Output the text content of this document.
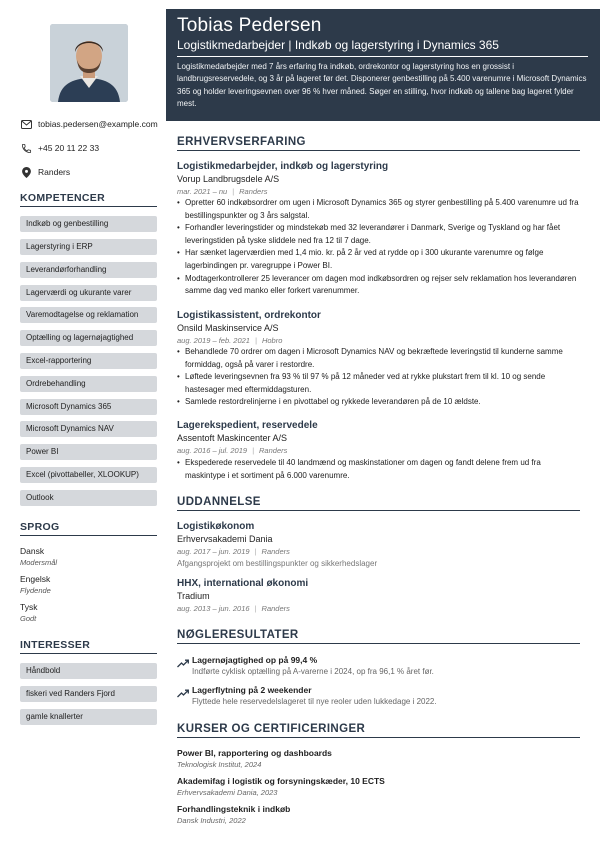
tobias.pedersen@example.com
+45 20 11 22 33
Randers
KOMPETENCER
Indkøb og genbestilling
Lagerstyring i ERP
Leverandørforhandling
Lagerværdi og ukurante varer
Varemodtagelse og reklamation
Optælling og lagernøjagtighed
Excel-rapportering
Ordrebehandling
Microsoft Dynamics 365
Microsoft Dynamics NAV
Power BI
Excel (pivottabeller, XLOOKUP)
Outlook
SPROG
Dansk
Modersmål
Engelsk
Flydende
Tysk
Godt
INTERESSER
Håndbold
fiskeri ved Randers Fjord
gamle knallerter
Tobias Pedersen
Logistikmedarbejder | Indkøb og lagerstyring i Dynamics 365
Logistikmedarbejder med 7 års erfaring fra indkøb, ordrekontor og lagerstyring hos en grossist i landbrugsreservedele, og 3 år på lageret før det. Disponerer genbestilling på 5.400 varenumre i Microsoft Dynamics 365 og holder leveringsevnen over 96 % hver måned. Søger en stilling, hvor indkøb og tallene bag lageret fylder mest.
ERHVERVSERFARING
Logistikmedarbejder, indkøb og lagerstyring
Vorup Landbrugsdele A/S
mar. 2021 – nu | Randers
• Opretter 60 indkøbsordrer om ugen i Microsoft Dynamics 365 og styrer genbestilling på 5.400 varenumre ud fra bestillingspunkter og 3 års salgstal.
• Forhandler leveringstider og mindstekøb med 32 leverandører i Danmark, Sverige og Tyskland og har fået leveringstiden på tyske sliddele ned fra 12 til 7 dage.
• Har sænket lagerværdien med 1,4 mio. kr. på 2 år ved at rydde op i 300 ukurante varenumre og følge lagerbindingen pr. varegruppe i Power BI.
• Modtagerkontrollerer 25 leverancer om dagen mod indkøbsordren og rejser selv reklamation hos leverandøren samme dag ved manko eller forkert varenummer.
Logistikassistent, ordrekontor
Onsild Maskinservice A/S
aug. 2019 – feb. 2021 | Hobro
• Behandlede 70 ordrer om dagen i Microsoft Dynamics NAV og bekræftede leveringstid til kunderne samme formiddag, også på varer i restordre.
• Løftede leveringsevnen fra 93 % til 97 % på 12 måneder ved at rykke plukstart frem til kl. 10 og sende hastesager med eftermiddagsturen.
• Samlede restordrelinjerne i en pivottabel og rykkede leverandøren på de 10 ældste.
Lagerekspedient, reservedele
Assentoft Maskincenter A/S
aug. 2016 – jul. 2019 | Randers
• Ekspederede reservedele til 40 landmænd og maskinstationer om dagen og fandt delene frem ud fra maskintype i et sortiment på 6.000 varenumre.
UDDANNELSE
Logistikøkonom
Erhvervsakademi Dania
aug. 2017 – jun. 2019 | Randers
Afgangsprojekt om bestillingspunkter og sikkerhedslager
HHX, international økonomi
Tradium
aug. 2013 – jun. 2016 | Randers
NØGLERESULTATER
Lagernøjagtighed op på 99,4 %
Indførte cyklisk optælling på A-varerne i 2024, op fra 96,1 % året før.
Lagerflytning på 2 weekender
Flyttede hele reservedelslageret til nye reoler uden lukkedage i 2022.
KURSER OG CERTIFICERINGER
Power BI, rapportering og dashboards
Teknologisk Institut, 2024
Akademifag i logistik og forsyningskæder, 10 ECTS
Erhvervsakademi Dania, 2023
Forhandlingsteknik i indkøb
Dansk Industri, 2022
